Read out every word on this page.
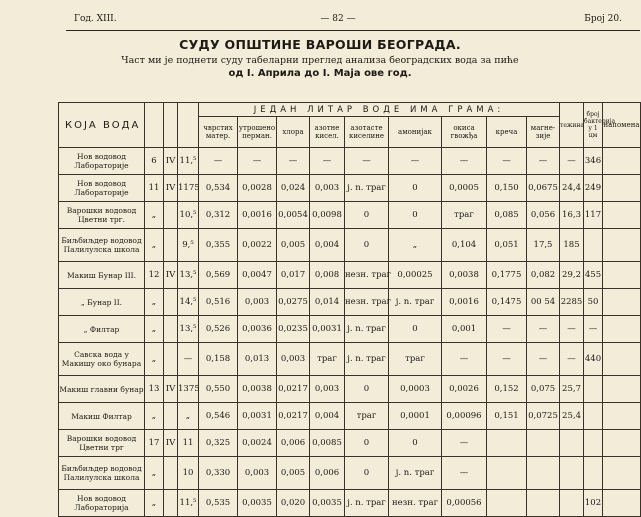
Год. XIII.	— 82 —	Број 20.
СУДУ ОПШТИНЕ ВАРОШИ БЕОГРАДА.
Част ми је поднети суду табеларни преглед анализа београдских вода за пиће
од I. Априла до I. Маја ове год.
КОЈА ВОДА				ЈЕДАН ЛИТАР ВОДЕ ИМА ГРАМА:									тежина	број бактерија у 1 цм	напомена
				чврстих матер.	утрошено перман.	хлора	азотне кисел.	азотасте киселине	амонијак	окиса гвожђа	креча	магне-зије			
Нов водовод Лабораторије	6	IV	11,⁵	—	—	—	—	—	—	—	—	—	—	346	
Нов водовод Лабораторије	11	IV	1175	0,534	0,0028	0,024	0,003	j. n. траг	0	0,0005	0,150	0,0675	24,4	249	
Варошки водовод Цветни трг.	„		10,⁵	0,312	0,0016	0,0054	0,0098	0	0	траг	0,085	0,056	16,3	117	
Биљбиљдер водовод Палилулска школа	„		9,⁵	0,355	0,0022	0,005	0,004	0	„	0,104	0,051	17,5	185		
Макиш Бунар III.	12	IV	13,⁵	0,569	0,0047	0,017	0,008	незн. траг	0,00025	0,0038	0,1775	0,082	29,2	455	
„ Бунар II.	„		14,⁵	0,516	0,003	0,0275	0,014	незн. траг	j. n. траг	0,0016	0,1475	00 54	2285	50	
„ Филтар	„		13,⁵	0,526	0,0036	0,0235	0,0031	j. n. траг	0	0,001	—	—	—	—	
Савска вода у Макишу око бунара	„		—	0,158	0,013	0,003	траг	j. n. траг	траг	—	—	—	—	440	
Макиш главни бунар	13	IV	1375	0,550	0,0038	0,0217	0,003	0	0,0003	0,0026	0,152	0,075	25,7		
Макиш Филтар	„		„	0,546	0,0031	0,0217	0,004	траг	0,0001	0,00096	0,151	0,0725	25,4		
Варошки водовод Цветни трг	17	IV	11	0,325	0,0024	0,006	0,0085	0	0	—					
Биљбиљдер водовод Палилулска школа	„		10	0,330	0,003	0,005	0,006	0	j. n. траг	—					
Нов водовод Лабораторија	„		11,⁵	0,535	0,0035	0,020	0,0035	j. n. траг	незн. траг	0,00056				102	
